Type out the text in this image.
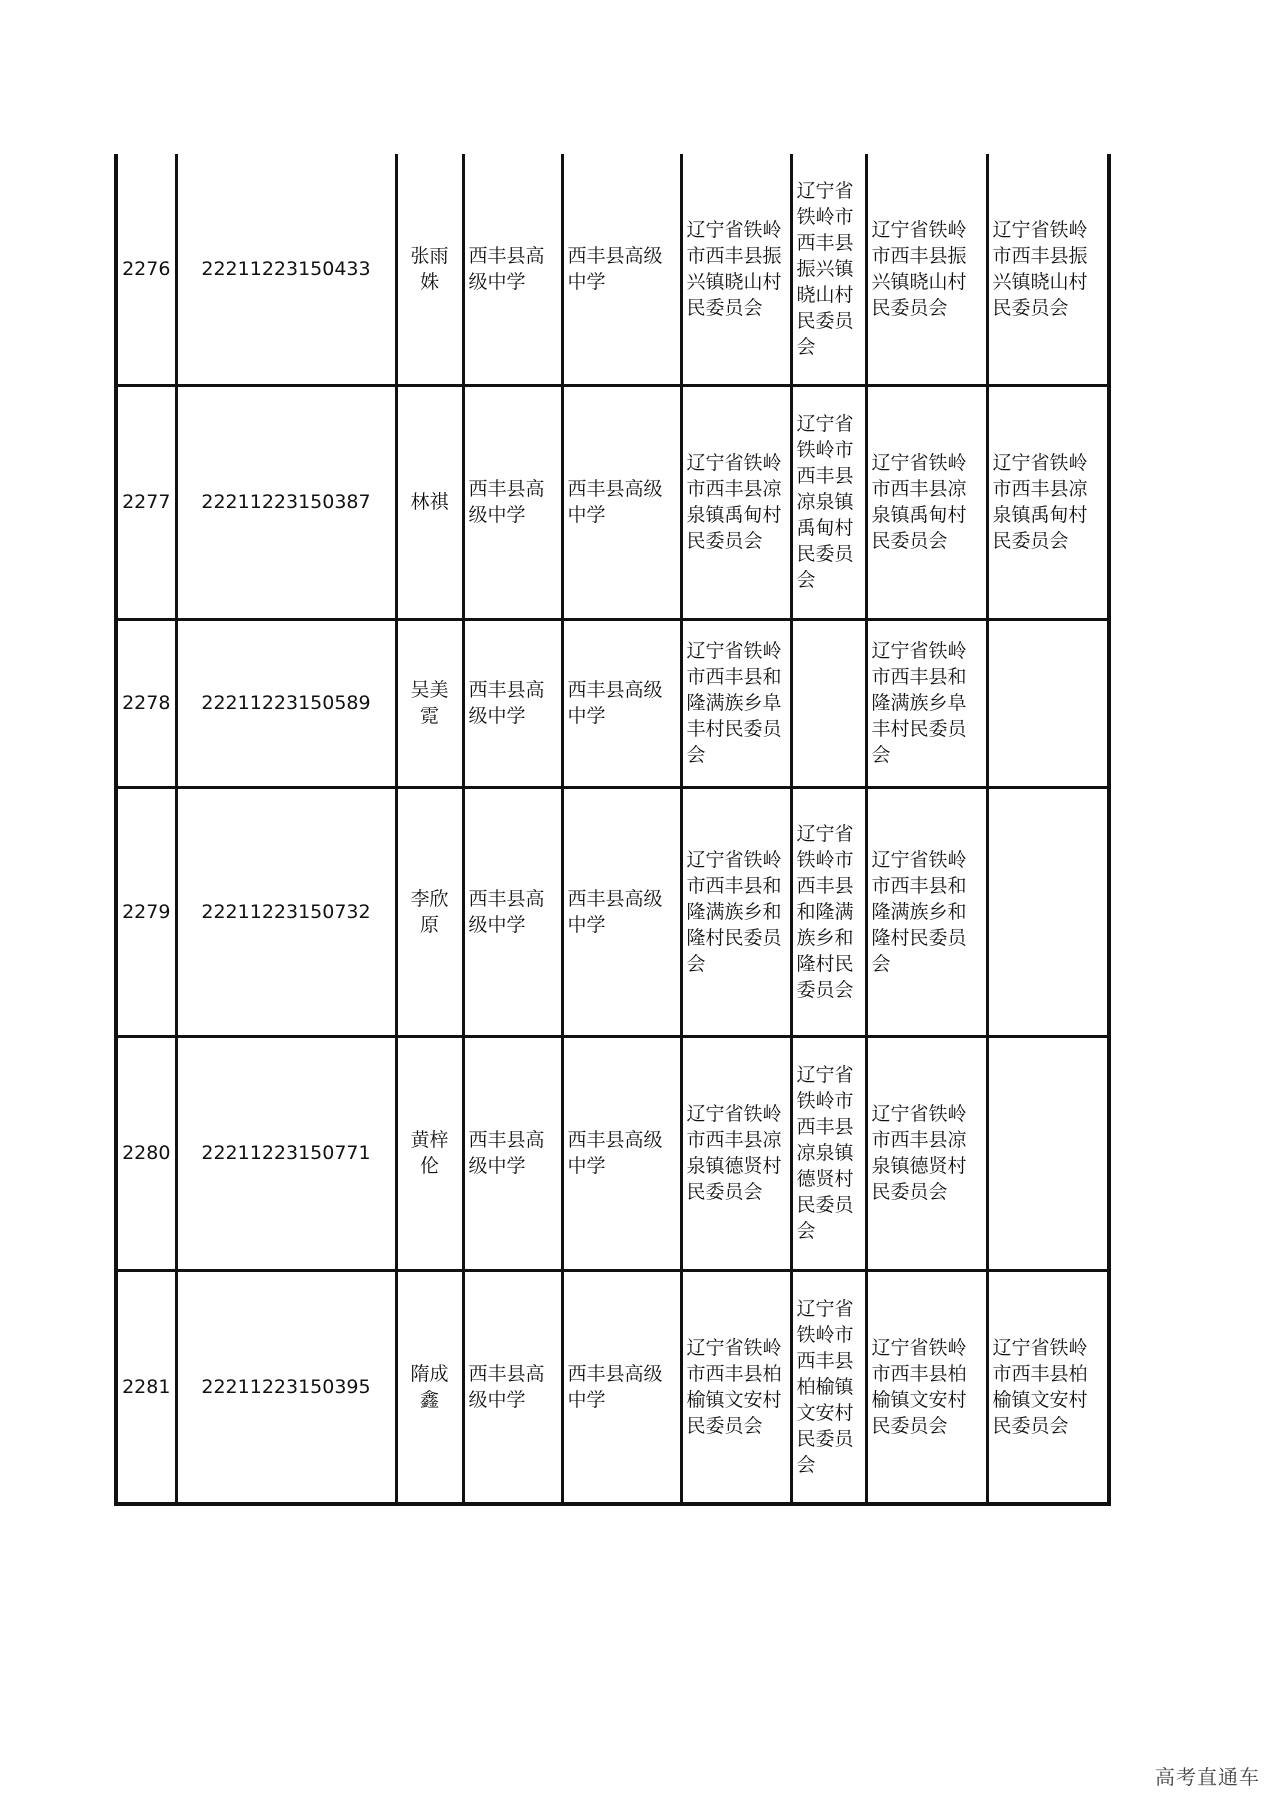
2276	22211223150433	张雨姝	西丰县高级中学	西丰县高级中学	辽宁省铁岭市西丰县振兴镇晓山村民委员会	辽宁省铁岭市西丰县振兴镇晓山村民委员会	辽宁省铁岭市西丰县振兴镇晓山村民委员会	辽宁省铁岭市西丰县振兴镇晓山村民委员会
2277	22211223150387	林祺	西丰县高级中学	西丰县高级中学	辽宁省铁岭市西丰县凉泉镇禹甸村民委员会	辽宁省铁岭市西丰县凉泉镇禹甸村民委员会	辽宁省铁岭市西丰县凉泉镇禹甸村民委员会	辽宁省铁岭市西丰县凉泉镇禹甸村民委员会
2278	22211223150589	吴美霓	西丰县高级中学	西丰县高级中学	辽宁省铁岭市西丰县和隆满族乡阜丰村民委员会		辽宁省铁岭市西丰县和隆满族乡阜丰村民委员会	
2279	22211223150732	李欣原	西丰县高级中学	西丰县高级中学	辽宁省铁岭市西丰县和隆满族乡和隆村民委员会	辽宁省铁岭市西丰县和隆满族乡和隆村民委员会	辽宁省铁岭市西丰县和隆满族乡和隆村民委员会	
2280	22211223150771	黄梓伦	西丰县高级中学	西丰县高级中学	辽宁省铁岭市西丰县凉泉镇德贤村民委员会	辽宁省铁岭市西丰县凉泉镇德贤村民委员会	辽宁省铁岭市西丰县凉泉镇德贤村民委员会	
2281	22211223150395	隋成鑫	西丰县高级中学	西丰县高级中学	辽宁省铁岭市西丰县柏榆镇文安村民委员会	辽宁省铁岭市西丰县柏榆镇文安村民委员会	辽宁省铁岭市西丰县柏榆镇文安村民委员会	辽宁省铁岭市西丰县柏榆镇文安村民委员会
高考直通车
